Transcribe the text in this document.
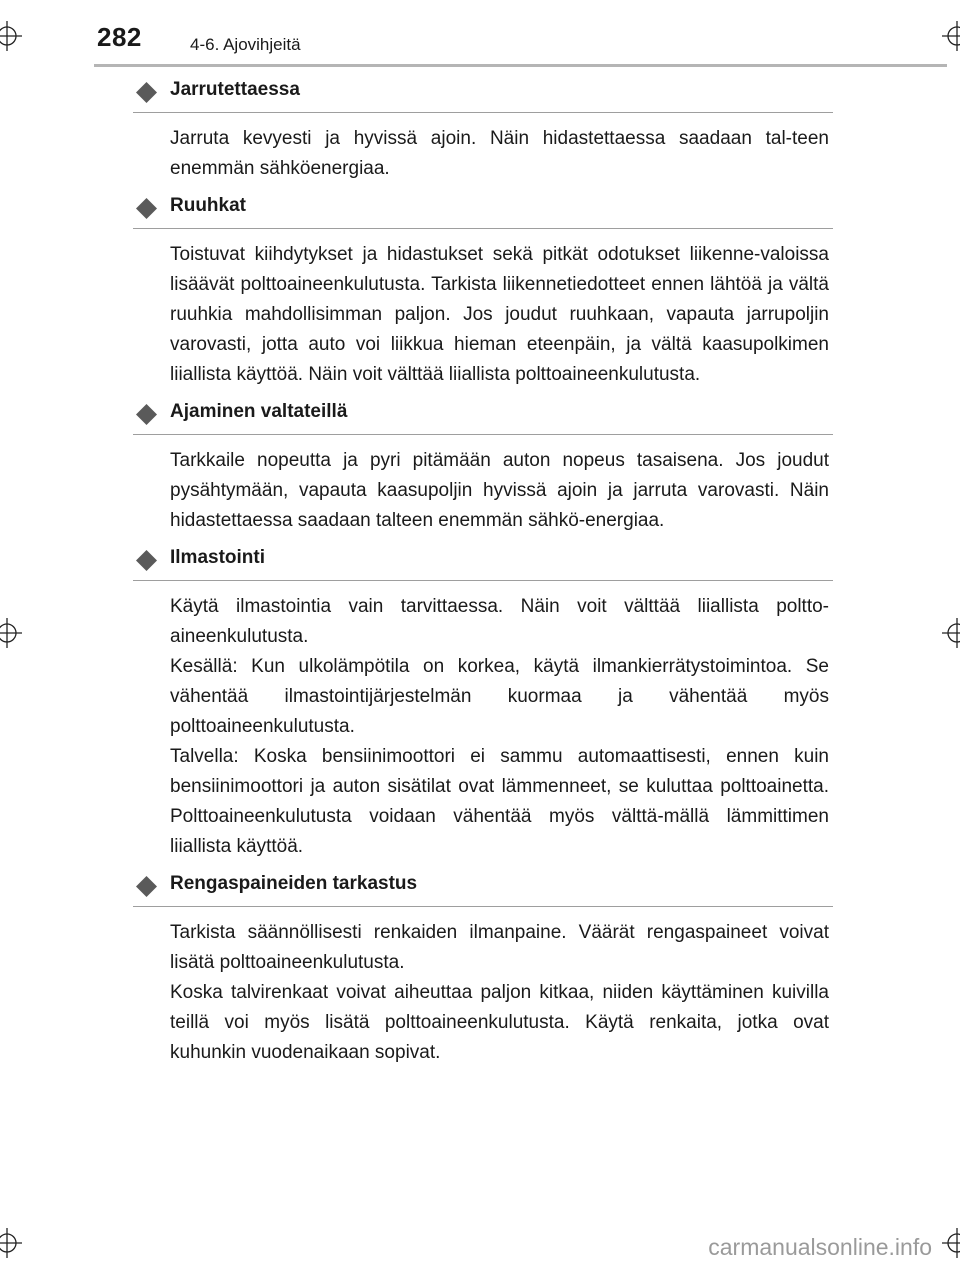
282	4-6. Ajovihjeitä
Jarrutettaessa

Jarruta kevyesti ja hyvissä ajoin. Näin hidastettaessa saadaan tal-teen enemmän sähköenergiaa.

Ruuhkat

Toistuvat kiihdytykset ja hidastukset sekä pitkät odotukset liikenne-valoissa lisäävät polttoaineenkulutusta. Tarkista liikennetiedotteet ennen lähtöä ja vältä ruuhkia mahdollisimman paljon. Jos joudut ruuhkaan, vapauta jarrupoljin varovasti, jotta auto voi liikkua hieman eteenpäin, ja vältä kaasupolkimen liiallista käyttöä. Näin voit välttää liiallista polttoaineenkulutusta.

Ajaminen valtateillä

Tarkkaile nopeutta ja pyri pitämään auton nopeus tasaisena. Jos joudut pysähtymään, vapauta kaasupoljin hyvissä ajoin ja jarruta varovasti. Näin hidastettaessa saadaan talteen enemmän sähkö-energiaa.

Ilmastointi

Käytä ilmastointia vain tarvittaessa. Näin voit välttää liiallista poltto-aineenkulutusta.

Kesällä: Kun ulkolämpötila on korkea, käytä ilmankierrätystoimintoa. Se vähentää ilmastointijärjestelmän kuormaa ja vähentää myös polttoaineenkulutusta.

Talvella: Koska bensiinimoottori ei sammu automaattisesti, ennen kuin bensiinimoottori ja auton sisätilat ovat lämmenneet, se kuluttaa polttoainetta. Polttoaineenkulutusta voidaan vähentää myös välttä-mällä lämmittimen liiallista käyttöä.

Rengaspaineiden tarkastus

Tarkista säännöllisesti renkaiden ilmanpaine. Väärät rengaspaineet voivat lisätä polttoaineenkulutusta.

Koska talvirenkaat voivat aiheuttaa paljon kitkaa, niiden käyttäminen kuivilla teillä voi myös lisätä polttoaineenkulutusta. Käytä renkaita, jotka ovat kuhunkin vuodenaikaan sopivat.

carmanualsonline.info
